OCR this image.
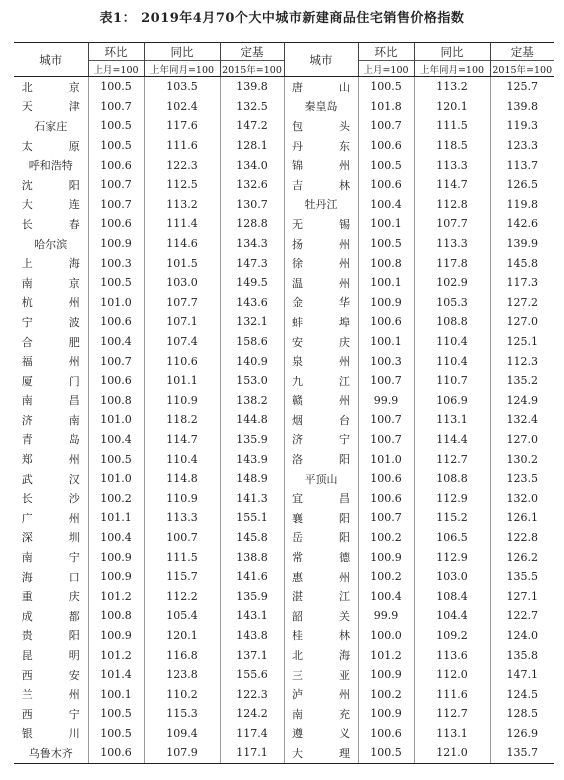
表1： 2019年4月70个大中城市新建商品住宅销售价格指数
城市	环比	同比	定基	城市	环比	同比	定基
	上月=100	上年同月=100	2015年=100		上月=100	上年同月=100	2015年=100
北 京	100.5	103.5	139.8	唐 山	100.5	113.2	125.7
天 津	100.7	102.4	132.5	秦皇岛	101.8	120.1	139.8
石家庄	100.5	117.6	147.2	包 头	100.7	111.5	119.3
太 原	100.5	111.6	128.1	丹 东	100.6	118.5	123.3
呼和浩特	100.6	122.3	134.0	锦 州	100.5	113.3	113.7
沈 阳	100.7	112.5	132.6	吉 林	100.6	114.7	126.5
大 连	100.7	113.2	130.7	牡丹江	100.4	112.8	119.8
长 春	100.6	111.4	128.8	无 锡	100.1	107.7	142.6
哈尔滨	100.9	114.6	134.3	扬 州	100.5	113.3	139.9
上 海	100.3	101.5	147.3	徐 州	100.8	117.8	145.8
南 京	100.5	103.0	149.5	温 州	100.1	102.9	117.3
杭 州	101.0	107.7	143.6	金 华	100.9	105.3	127.2
宁 波	100.6	107.1	132.1	蚌 埠	100.6	108.8	127.0
合 肥	100.4	107.4	158.6	安 庆	100.1	110.4	125.1
福 州	100.7	110.6	140.9	泉 州	100.3	110.4	112.3
厦 门	100.6	101.1	153.0	九 江	100.7	110.7	135.2
南 昌	100.8	110.9	138.2	赣 州	99.9	106.9	124.9
济 南	101.0	118.2	144.8	烟 台	100.7	113.1	132.4
青 岛	100.4	114.7	135.9	济 宁	100.7	114.4	127.0
郑 州	100.5	110.4	143.9	洛 阳	101.0	112.7	130.2
武 汉	101.0	114.8	148.9	平顶山	100.6	108.8	123.5
长 沙	100.2	110.9	141.3	宜 昌	100.6	112.9	132.0
广 州	101.1	113.3	155.1	襄 阳	100.7	115.2	126.1
深 圳	100.4	100.7	145.8	岳 阳	100.2	106.5	122.8
南 宁	100.9	111.5	138.8	常 德	100.9	112.9	126.2
海 口	100.9	115.7	141.6	惠 州	100.2	103.0	135.5
重 庆	101.2	112.2	135.9	湛 江	100.4	108.4	127.1
成 都	100.8	105.4	143.1	韶 关	99.9	104.4	122.7
贵 阳	100.9	120.1	143.8	桂 林	100.0	109.2	124.0
昆 明	101.2	116.8	137.1	北 海	101.2	113.6	135.8
西 安	101.4	123.8	155.6	三 亚	100.9	112.0	147.1
兰 州	100.1	110.2	122.3	泸 州	100.2	111.6	124.5
西 宁	100.5	115.3	124.2	南 充	100.9	112.7	128.5
银 川	100.5	109.4	117.4	遵 义	100.6	113.1	126.9
乌鲁木齐	100.6	107.9	117.1	大 理	100.5	121.0	135.7
